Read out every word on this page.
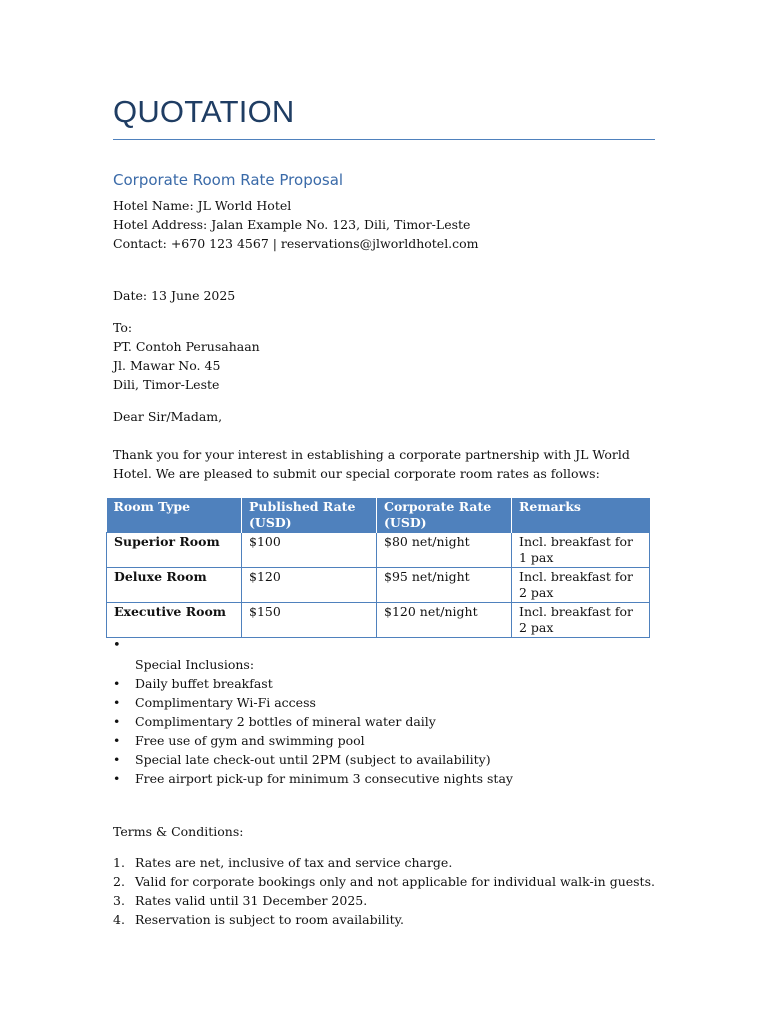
QUOTATION
Corporate Room Rate Proposal
Hotel Name: JL World Hotel
Hotel Address: Jalan Example No. 123, Dili, Timor-Leste
Contact: +670 123 4567 | reservations@jlworldhotel.com
Date: 13 June 2025
To:
PT. Contoh Perusahaan
Jl. Mawar No. 45
Dili, Timor-Leste
Dear Sir/Madam,
Thank you for your interest in establishing a corporate partnership with JL World Hotel. We are pleased to submit our special corporate room rates as follows:
Room Type	Published Rate (USD)	Corporate Rate (USD)	Remarks
Superior Room	$100	$80 net/night	Incl. breakfast for 1 pax
Deluxe Room	$120	$95 net/night	Incl. breakfast for 2 pax
Executive Room	$150	$120 net/night	Incl. breakfast for 2 pax
•
Special Inclusions:
• Daily buffet breakfast
• Complimentary Wi-Fi access
• Complimentary 2 bottles of mineral water daily
• Free use of gym and swimming pool
• Special late check-out until 2PM (subject to availability)
• Free airport pick-up for minimum 3 consecutive nights stay
Terms & Conditions:
1. Rates are net, inclusive of tax and service charge.
2. Valid for corporate bookings only and not applicable for individual walk-in guests.
3. Rates valid until 31 December 2025.
4. Reservation is subject to room availability.
